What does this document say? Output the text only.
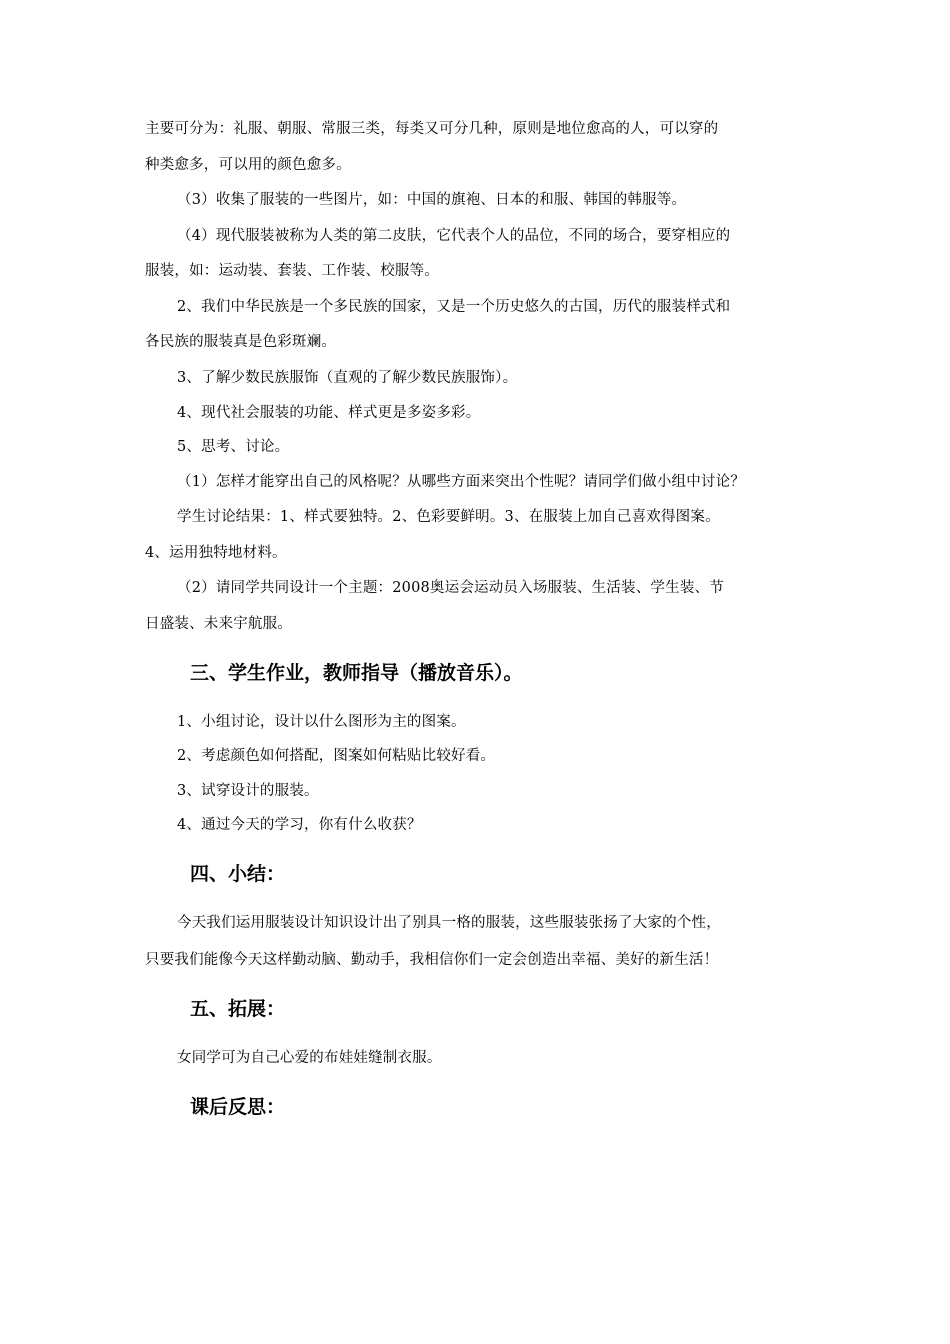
主要可分为：礼服、朝服、常服三类，每类又可分几种，原则是地位愈高的人，可以穿的
种类愈多，可以用的颜色愈多。
（3）收集了服装的一些图片，如：中国的旗袍、日本的和服、韩国的韩服等。
（4）现代服装被称为人类的第二皮肤，它代表个人的品位，不同的场合，要穿相应的
服装，如：运动装、套装、工作装、校服等。
2、我们中华民族是一个多民族的国家，又是一个历史悠久的古国，历代的服装样式和
各民族的服装真是色彩斑斓。
3、了解少数民族服饰（直观的了解少数民族服饰）。
4、现代社会服装的功能、样式更是多姿多彩。
5、思考、讨论。
（1）怎样才能穿出自己的风格呢？从哪些方面来突出个性呢？请同学们做小组中讨论？
学生讨论结果：1、样式要独特。2、色彩要鲜明。3、在服装上加自己喜欢得图案。
4、运用独特地材料。
（2）请同学共同设计一个主题：2008奥运会运动员入场服装、生活装、学生装、节
日盛装、未来宇航服。
三、学生作业，教师指导（播放音乐）。
1、小组讨论，设计以什么图形为主的图案。
2、考虑颜色如何搭配，图案如何粘贴比较好看。
3、试穿设计的服装。
4、通过今天的学习，你有什么收获？
四、小结：
今天我们运用服装设计知识设计出了别具一格的服装，这些服装张扬了大家的个性，
只要我们能像今天这样勤动脑、勤动手，我相信你们一定会创造出幸福、美好的新生活！
五、拓展：
女同学可为自己心爱的布娃娃缝制衣服。
课后反思：
